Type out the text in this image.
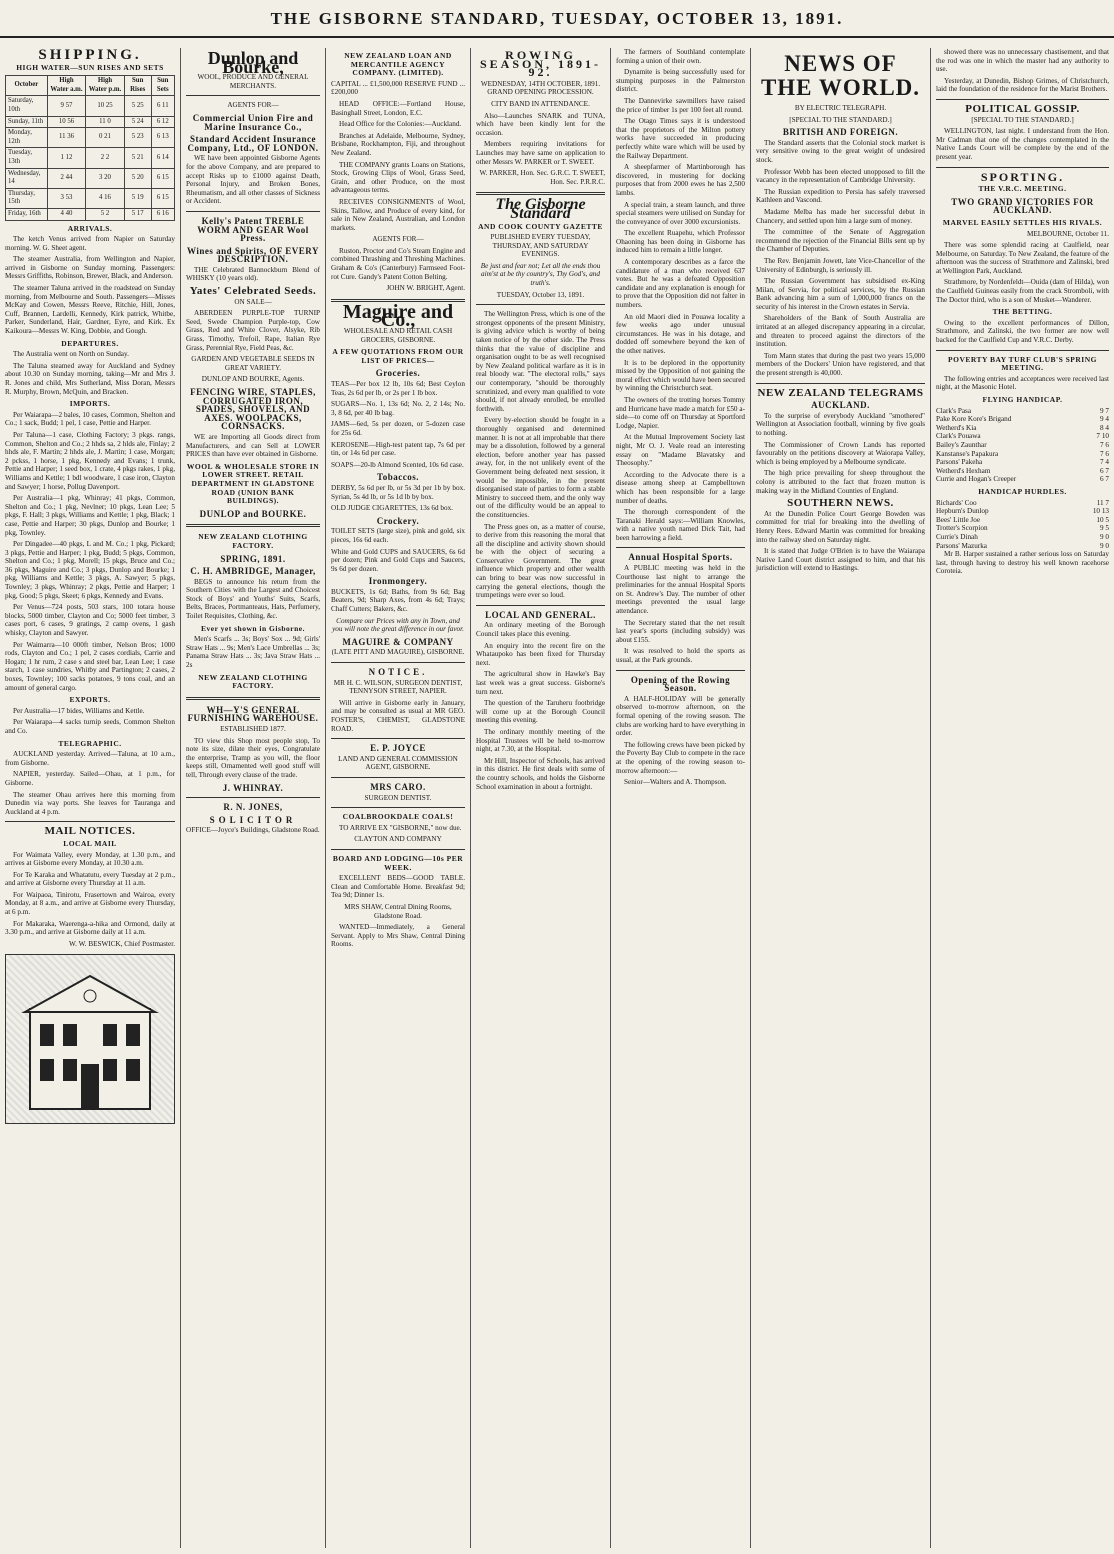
THE GISBORNE STANDARD, TUESDAY, OCTOBER 13, 1891.
SHIPPING.
HIGH WATER—SUN RISES AND SETS
October	High Water a.m.	High Water p.m.	Sun Rises	Sun Sets
Saturday, 10th	9 57	10 25	5 25	6 11
Sunday, 11th	10 56	11 0	5 24	6 12
Monday, 12th	11 36	0 21	5 23	6 13
Tuesday, 13th	1 12	2 2	5 21	6 14
Wednesday, 14	2 44	3 20	5 20	6 15
Thursday, 15th	3 53	4 16	5 19	6 15
Friday, 16th	4 40	5 2	5 17	6 16
ARRIVALS.

The ketch Venus arrived from Napier on Saturday morning. W. G. Sheet agent.

The steamer Australia, from Wellington and Napier, arrived in Gisborne on Sunday morning. Passengers: Messrs Griffiths, Robinson, Brewer, Black, and Anderson.

The steamer Taluna arrived in the roadstead on Sunday morning, from Melbourne and South. Passengers—Misses McKay and Cowen, Messrs Reeve, Ritchie, Hill, Jones, Cuff, Brannen, Lardelli, Kennedy, Kirk patrick, Whitbe, Parker, Sunderland, Hair, Gardner, Eyre, and Kirk. Ex Kaikoura—Messrs W. King, Dobbie, and Gough.

DEPARTURES.

The Australia went on North on Sunday.

The Taluna steamed away for Auckland and Sydney about 10.30 on Sunday morning, taking—Mr and Mrs J. R. Jones and child, Mrs Sutherland, Miss Doran, Messrs R. Murphy, Brown, McQuin, and Bracken.

IMPORTS.

Per Waiarapa—2 bales, 10 cases, Common, Shelton and Co.; 1 sack, Budd; 1 pel, 1 case, Pettie and Harper.

Per Taluna—1 case, Clothing Factory; 3 pkgs. rangs, Common, Shelton and Co.; 2 hhds sa, 2 hlds ale, Finlay; 2 hhds ale, F. Martin; 2 hhds ale, J. Martin; 1 case, Morgan; 2 pckss, 1 horse, 1 pkg, Kennedy and Evans; 1 trunk, Pettie and Harper; 1 seed box, 1 crate, 4 pkgs rakes, 1 pkg, Williams and Kettle; 1 bdl woodware, 1 case iron, Clayton and Sawyer; 1 horse, Pollug Davenport.

Per Australia—1 pkg, Whinray; 41 pkgs, Common, Shelton and Co.; 1 pkg, Nevlner; 10 pkgs, Lean Lee; 5 pkgs, F. Hall; 3 pkgs, Williams and Kettle; 1 pkg, Black; 1 case, Pettie and Harper; 30 pkgs, Dunlop and Bourke; 1 pkg, Townley.

Per Dingadee—40 pkgs, L and M. Co.; 1 pkg, Pickard; 3 pkgs, Pettie and Harper; 1 pkg, Budd; 5 pkgs, Common, Shelton and Co.; 1 pkg, Morell; 15 pkgs, Bruce and Co.; 36 pkgs, Maguire and Co.; 3 pkgs, Dunlop and Bourke; 1 pkg, Williams and Kettle; 3 pkgs, A. Sawyer; 5 pkgs, Townley; 3 pkgs, Whinray; 2 pkgs, Pettie and Harper; 1 pkg, Good; 5 pkgs, Skeet; 6 pkgs, Kennedy and Evans.

Per Venus—724 posts, 503 stars, 100 totara house blocks, 5000 timber, Clayton and Co; 5000 feet timber, 3 cases port, 6 cases, 9 gratings, 2 camp ovens, 1 gash whisky, Clayton and Sawyer.

Per Waimarra—10 000ft timber, Nelson Bros; 1000 rods, Clayton and Co.; 1 pel, 2 cases cordials, Carrie and Hogan; 1 hr rum, 2 case s and steel bar, Lean Lee; 1 case starch, 1 case sundries, Whitby and Partington; 2 cases, 2 boxes, Townley; 100 sacks potatoes, 9 tons coal, and an amount of general cargo.

EXPORTS.

Per Australia—17 bides, Williams and Kettle.

Per Waiarapa—4 sacks turnip seeds, Common Shelton and Co.

TELEGRAPHIC.

AUCKLAND yesterday. Arrived—Taluna, at 10 a.m., from Gisborne.

NAPIER, yesterday. Sailed—Ohau, at 1 p.m., for Gisborne.

The steamer Ohau arrives here this morning from Dunedin via way ports. She leaves for Tauranga and Auckland at 4 p.m.

MAIL NOTICES.
LOCAL MAIL

For Waimata Valley, every Monday, at 1.30 p.m., and arrives at Gisborne every Monday, at 10.30 a.m.

For Te Karaka and Whatatutu, every Tuesday at 2 p.m., and arrive at Gisborne every Thursday at 11 a.m.

For Waipaoa, Tinirotu, Frasertown and Wairoa, every Monday, at 8 a.m., and arrive at Gisborne every Thursday, at 6 p.m.

For Makaraka, Waerenga-a-hika and Ormond, daily at 3.30 p.m., and arrive at Gisborne daily at 11 a.m.

W. W. BESWICK, Chief Postmaster.

Dunlop and Bourke,

WOOL, PRODUCE AND GENERAL MERCHANTS.

AGENTS FOR—

Commercial Union Fire and Marine Insurance Co.,
Standard Accident Insurance Company, Ltd., OF LONDON.

WE have been appointed Gisborne Agents for the above Company, and are prepared to accept Risks up to £1000 against Death, Personal Injury, and Broken Bones, Rheumatism, and all other classes of Sickness or Accident.

Kelly's Patent TREBLE WORM AND GEAR Wool Press.
Wines and Spirits, OF EVERY DESCRIPTION.

THE Celebrated Bannockburn Blend of WHISKY (10 years old).

Yates' Celebrated Seeds.

ON SALE—

ABERDEEN PURPLE-TOP TURNIP Seed, Swede Champion Purple-top, Cow Grass, Red and White Clover, Alsyke, Rib Grass, Timothy, Trefoil, Rape, Italian Rye Grass, Perennial Rye, Field Peas, &c.

GARDEN AND VEGETABLE SEEDS IN GREAT VARIETY.

DUNLOP AND BOURKE, Agents.

FENCING WIRE, STAPLES, CORRUGATED IRON, SPADES, SHOVELS, AND AXES. WOOLPACKS, CORNSACKS.

WE are Importing all Goods direct from Manufacturers, and can Sell at LOWER PRICES than have ever obtained in Gisborne.

WOOL & WHOLESALE STORE IN LOWER STREET. RETAIL DEPARTMENT IN GLADSTONE ROAD (UNION BANK BUILDINGS).
DUNLOP and BOURKE.
NEW ZEALAND CLOTHING FACTORY.
SPRING, 1891.
C. H. AMBRIDGE, Manager,

BEGS to announce his return from the Southern Cities with the Largest and Choicest Stock of Boys' and Youths' Suits, Scarfs, Belts, Braces, Portmanteaus, Hats, Perfumery, Toilet Requisites, Clothing, &c.

Ever yet shown in Gisborne.

Men's Scarfs ... 3s; Boys' Sox ... 9d; Girls' Straw Hats ... 9s; Men's Lace Umbrellas ... 3s; Panama Straw Hats ... 3s; Java Straw Hats ... 2s

NEW ZEALAND CLOTHING FACTORY.
WH—Y'S GENERAL FURNISHING WAREHOUSE.

ESTABLISHED 1877.

TO view this Shop most people stop, To note its size, dilate their eyes, Congratulate the enterprise, Tramp as you will, the floor keeps still, Ornamented well good stuff will tell, Through every clause of the trade.

J. WHINRAY.
R. N. JONES,
SOLICITOR

OFFICE—Joyce's Buildings, Gladstone Road.

NEW ZEALAND LOAN AND MERCANTILE AGENCY COMPANY. (LIMITED).

CAPITAL ... £1,500,000 RESERVE FUND ... £200,000

HEAD OFFICE:—Fortland House, Basinghall Street, London, E.C.

Head Office for the Colonies:—Auckland.

Branches at Adelaide, Melbourne, Sydney, Brisbane, Rockhampton, Fiji, and throughout New Zealand.

THE COMPANY grants Loans on Stations, Stock, Growing Clips of Wool, Grass Seed, Grain, and other Produce, on the most advantageous terms.

RECEIVES CONSIGNMENTS of Wool, Skins, Tallow, and Produce of every kind, for sale in New Zealand, Australian, and London markets.

AGENTS FOR—

Ruston, Proctor and Co's Steam Engine and combined Thrashing and Threshing Machines. Graham & Co's (Canterbury) Farmseed Foot-rot Cure. Gandy's Patent Cotton Belting.

JOHN W. BRIGHT, Agent.

Maguire and Co.,

WHOLESALE AND RETAIL CASH GROCERS, GISBORNE.

A FEW QUOTATIONS FROM OUR LIST OF PRICES—
Groceries.

TEAS—Per box 12 lb, 10s 6d; Best Ceylon Teas, 2s 6d per lb, or 2s per 1 lb box.

SUGARS—No. 1, 13s 6d; No. 2, 2 14s; No. 3, 8 6d, per 40 lb bag.

JAMS—6ed, 5s per dozen, or 5-dozen case for 25s 6d.

KEROSENE—High-test patent tap, 7s 6d per tin, or 14s 6d per case.

SOAPS—20-lb Almond Scented, 10s 6d case.

Tobaccos.

DERBY, 5s 6d per lb, or 5s 3d per 1b by box. Syrian, 5s 4d lb, or 5s 1d lb by box.

OLD JUDGE CIGARETTES, 13s 6d box.

Crockery.

TOILET SETS (large size), pink and gold, six pieces, 16s 6d each.

White and Gold CUPS and SAUCERS, 6s 6d per dozen; Pink and Gold Cups and Saucers, 9s 6d per dozen.

Ironmongery.

BUCKETS, 1s 6d; Baths, from 9s 6d; Bag Beaters, 9d; Sharp Axes, from 4s 6d; Trays; Chaff Cutters; Bakers, &c.

Compare our Prices with any in Town, and you will note the great difference in our favor.

MAGUIRE & COMPANY

(LATE PITT AND MAGUIRE), GISBORNE.

NOTICE.

MR H. C. WILSON, SURGEON DENTIST, TENNYSON STREET, NAPIER.

Will arrive in Gisborne early in January, and may be consulted as usual at MR GEO. FOSTER'S, CHEMIST, GLADSTONE ROAD.

E. P. JOYCE

LAND AND GENERAL COMMISSION AGENT, GISBORNE.

MRS CARO.

SURGEON DENTIST.

COALBROOKDALE COALS!

TO ARRIVE EX "GISBORNE," now due.

CLAYTON AND COMPANY

BOARD AND LODGING—10s PER WEEK.

EXCELLENT BEDS—GOOD TABLE. Clean and Comfortable Home. Breakfast 9d; Tea 9d; Dinner 1s.

MRS SHAW, Central Dining Rooms, Gladstone Road.

WANTED—Immediately, a General Servant. Apply to Mrs Shaw, Central Dining Rooms.

ROWING SEASON, 1891-92.

WEDNESDAY, 14TH OCTOBER, 1891. GRAND OPENING PROCESSION.

CITY BAND IN ATTENDANCE.

Also—Launches SNARK and TUNA, which have been kindly lent for the occasion.

Members requiring invitations for Launches may have same on application to other Messrs W. PARKER or T. SWEET.

W. PARKER, Hon. Sec. G.R.C. T. SWEET, Hon. Sec. P.R.R.C.

The Gisborne Standard
AND COOK COUNTY GAZETTE

PUBLISHED EVERY TUESDAY, THURSDAY, AND SATURDAY EVENINGS.

Be just and fear not; Let all the ends thou aim'st at be thy country's, Thy God's, and truth's.

TUESDAY, October 13, 1891.

The Wellington Press, which is one of the strongest opponents of the present Ministry, is giving advice which is worthy of being taken notice of by the other side. The Press thinks that the value of discipline and organisation ought to be as well recognised by New Zealand political warfare as it is in real bloody war. "The electoral rolls," says our contemporary, "should be thoroughly scrutinized, and every man qualified to vote should, if not already enrolled, be enrolled forthwith.

Every by-election should be fought in a thoroughly organised and determined manner. It is not at all improbable that there may be a dissolution, followed by a general election, before another year has passed away, for, in the not unlikely event of the Government being defeated next session, it would be impossible, in the present disorganised state of parties to form a stable Ministry to succeed them, and the only way out of the difficulty would be an appeal to the constituencies.

The Press goes on, as a matter of course, to derive from this reasoning the moral that all the discipline and activity shown should be with the object of securing a Conservative Government. The great influence which property and other wealth can bring to bear was now successful in carrying the general elections, though the trumpetings were ever so loud.

LOCAL AND GENERAL.

An ordinary meeting of the Borough Council takes place this evening.

An enquiry into the recent fire on the Whataupoko has been fixed for Thursday next.

The agricultural show in Hawke's Bay last week was a great success. Gisborne's turn next.

The question of the Taruheru footbridge will come up at the Borough Council meeting this evening.

The ordinary monthly meeting of the Hospital Trustees will be held to-morrow night, at 7.30, at the Hospital.

Mr Hill, Inspector of Schools, has arrived in this district. He first deals with some of the country schools, and holds the Gisborne School examination in about a fortnight.

The farmers of Southland contemplate forming a union of their own.

Dynamite is being successfully used for stumping purposes in the Palmerston district.

The Dannevirke sawmillers have raised the price of timber 1s per 100 feet all round.

The Otago Times says it is understood that the proprietors of the Milton pottery works have succeeded in producing perfectly white ware which will be used by the Railway Department.

A sheepfarmer of Martinborough has discovered, in mustering for docking purposes that from 2000 ewes he has 2,500 lambs.

A special train, a steam launch, and three special steamers were utilised on Sunday for the conveyance of over 3000 excursionists.

The excellent Ruapehu, which Professor Ohaoning has been doing in Gisborne has induced him to remain a little longer.

A contemporary describes as a farce the candidature of a man who received 637 votes. But he was a defeated Opposition candidate and any explanation is enough for to prove that the Opposition did not falter in numbers.

An old Maori died in Pouawa locality a few weeks ago under unusual circumstances. He was in his dotage, and dodded off somewhere beyond the ken of the other natives.

It is to be deplored in the opportunity missed by the Opposition of not gaining the moral effect which would have been secured by winning the Christchurch seat.

The owners of the trotting horses Tommy and Hurricane have made a match for £50 a-side—to come off on Thursday at Sportford Lodge, Napier.

At the Mutual Improvement Society last night, Mr O. J. Veale read an interesting essay on "Madame Blavatsky and Theosophy."

According to the Advocate there is a disease among sheep at Campbelltown which has been responsible for a large number of deaths.

The thorough correspondent of the Taranaki Herald says:—William Knowles, with a native youth named Dick Tait, had been harrowing a field.

Annual Hospital Sports.

A PUBLIC meeting was held in the Courthouse last night to arrange the preliminaries for the annual Hospital Sports on St. Andrew's Day. The number of other meetings prevented the usual large attendance.

The Secretary stated that the net result last year's sports (including subsidy) was about £155.

It was resolved to hold the sports as usual, at the Park grounds.

Opening of the Rowing Season.

A HALF-HOLIDAY will be generally observed to-morrow afternoon, on the formal opening of the rowing season. The clubs are working hard to have everything in order.

The following crews have been picked by the Poverty Bay Club to compete in the race at the opening of the rowing season to-morrow afternoon:—

Senior—Walters and A. Thompson.

NEWS OF THE WORLD.

BY ELECTRIC TELEGRAPH.

[SPECIAL TO THE STANDARD.]

BRITISH AND FOREIGN.

The Standard asserts that the Colonial stock market is very sensitive owing to the great weight of undesired stock.

Professor Webb has been elected unopposed to fill the vacancy in the representation of Cambridge University.

The Russian expedition to Persia has safely traversed Kathleen and Vascond.

Madame Melba has made her successful debut in Chancery, and settled upon him a large sum of money.

The committee of the Senate of Aggregation recommend the rejection of the Financial Bills sent up by the Chamber of Deputies.

The Rev. Benjamin Jowett, late Vice-Chancellor of the University of Edinburgh, is seriously ill.

The Russian Government has subsidised ex-King Milan, of Servia, for political services, by the Russian Bank advancing him a sum of 1,000,000 francs on the security of his interest in the Crown estates in Servia.

Shareholders of the Bank of South Australia are irritated at an alleged discrepancy appearing in a circular, and threaten to proceed against the directors of the institution.

Tom Mann states that during the past two years 15,000 members of the Dockers' Union have registered, and that the present strength is 40,000.

NEW ZEALAND TELEGRAMS
AUCKLAND.

To the surprise of everybody Auckland "smothered" Wellington at Association football, winning by five goals to nothing.

The Commissioner of Crown Lands has reported favourably on the petitions discovery at Waiorapa Valley, which is being employed by a Melbourne syndicate.

The high price prevailing for sheep throughout the colony is attributed to the fact that frozen mutton is making way in the Midland Counties of England.

SOUTHERN NEWS.

At the Dunedin Police Court George Bowden was committed for trial for breaking into the dwelling of Henry Rees. Edward Martin was committed for breaking into the railway shed on Saturday night.

It is stated that Judge O'Brien is to have the Waiarapa Native Land Court district assigned to him, and that his jurisdiction will extend to Hastings.

showed there was no unnecessary chastisement, and that the rod was one in which the master had any authority to use.

Yesterday, at Dunedin, Bishop Grimes, of Christchurch, laid the foundation of the residence for the Marist Brothers.

POLITICAL GOSSIP.

[SPECIAL TO THE STANDARD.]

WELLINGTON, last night. I understand from the Hon. Mr Cadman that one of the changes contemplated in the Native Lands Court will be complete by the end of the present year.

SPORTING.
THE V.R.C. MEETING.
TWO GRAND VICTORIES FOR AUCKLAND.
MARVEL EASILY SETTLES HIS RIVALS.

MELBOURNE, October 11.

There was some splendid racing at Caulfield, near Melbourne, on Saturday. To New Zealand, the feature of the afternoon was the success of Strathmore and Zalinski, bred at Wellington Park, Auckland.

Strathmore, by Nordenfeldt—Ouida (dam of Hilda), won the Caulfield Guineas easily from the crack Stromboli, with The Doctor third, who is a son of Musket—Wanderer.

THE BETTING.

Owing to the excellent performances of Dillon, Strathmore, and Zalinski, the two former are now well backed for the Caulfield Cup and V.R.C. Derby.

POVERTY BAY TURF CLUB'S SPRING MEETING.

The following entries and acceptances were received last night, at the Masonic Hotel.

FLYING HANDICAP.
Clark's Pasa	9 7
Pake Kore Kore's Brigand	9 4
Wetherd's Kia	8 4
Clark's Pouawa	7 10
Bailey's Zaunthar	7 6
Kanstanse's Papakura	7 6
Parsons' Pakeha	7 4
Wetherd's Hexham	6 7
Currie and Hogan's Creeper	6 7
HANDICAP HURDLES.
Richards' Coo	11 7
Hepburn's Dunlop	10 13
Bees' Little Joe	10 5
Trotter's Scorpion	9 5
Currie's Dinah	9 0
Parsons' Mazurka	9 0

Mr B. Harper sustained a rather serious loss on Saturday last, through having to destroy his well known racehorse Coroteia.
